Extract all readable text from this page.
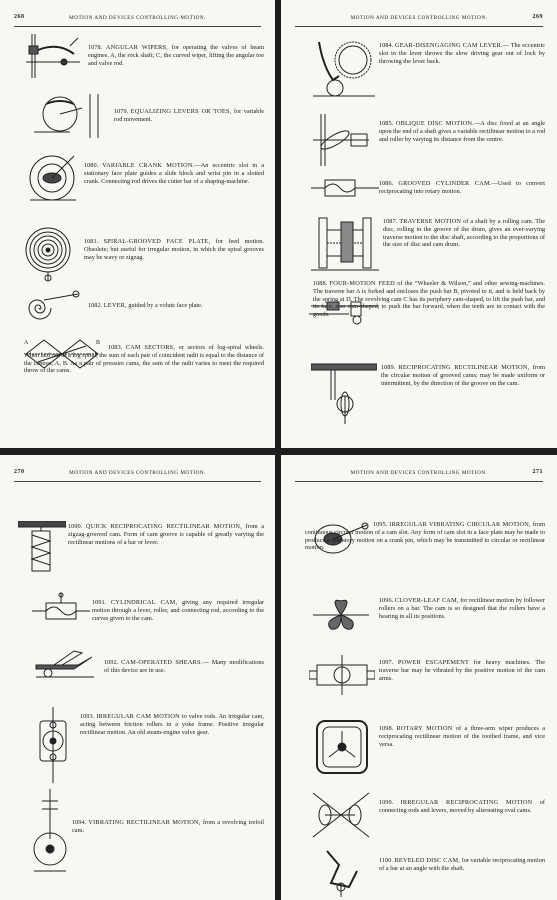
268	MOTION AND DEVICES CONTROLLING MOTION.
1078. ANGULAR WIPERS, for operating the valves of beam engines. A, the rock shaft; C, the curved wiper, lifting the angular toe and valve rod.
1079. EQUALIZING LEVERS OR TOES, for variable rod movement.
1080. VARIABLE CRANK MOTION.—An eccentric slot in a stationary face plate guides a slide block and wrist pin in a slotted crank. Connecting rod drives the cutter bar of a shaping-machine.
1081. SPIRAL-GROOVED FACE PLATE, for feed motion. Obsolete; but useful for irregular motion, in which the spiral grooves may be wavy or zigzag.
1082. LEVER, guided by a volute face plate.
A	B
1083. CAM SECTORS, or sectors of log-spiral wheels. When laid out as a log spiral, the sum of each pair of coincident radii is equal to the distance of the centres, A, B. As a pair of pressure cams, the sum of the radii varies to meet the required throw of the cams.
MOTION AND DEVICES CONTROLLING MOTION.	269
1084. GEAR-DISENGAGING CAM LEVER.— The eccentric slot in the lever throws the slow driving gear out of lock by throwing the lever back.
1085. OBLIQUE DISC MOTION.—A disc fixed at an angle upon the end of a shaft gives a variable rectilinear motion to a rod and roller by varying its distance from the centre.
1086. GROOVED CYLINDER CAM.—Used to convert reciprocating into rotary motion.
1087. TRAVERSE MOTION of a shaft by a rolling cam. The disc, rolling in the groove of the drum, gives an ever-varying traverse motion to the disc shaft, according to the proportions of the size of disc and cam drum.
1088. FOUR-MOTION FEED of the “Wheeler & Wilson,” and other sewing-machines. The traverse bar A is forked and encloses the push bar B, pivoted to it, and is held back by the spring at D. The revolving cam C has its periphery cam-shaped, to lift the push bar, and its face, also cam-shaped, to push the bar forward, when the teeth are in contact with the goods.
1089. RECIPROCATING RECTILINEAR MOTION, from the circular motion of grooved cams; may be made uniform or intermittent, by the direction of the groove on the cam.
270	MOTION AND DEVICES CONTROLLING MOTION.
1090. QUICK RECIPROCATING RECTILINEAR MOTION, from a zigzag-grooved cam. Form of cam groove is capable of greatly varying the rectilinear motions of a bar or lever.
1091. CYLINDRICAL CAM, giving any required irregular motion through a lever, roller, and connecting rod, according to the curves given to the cam.
1092. CAM-OPERATED SHEARS.— Many modifications of this device are in use.
1093. IRREGULAR CAM MOTION to valve rods. An irregular cam, acting between friction rollers in a yoke frame. Positive irregular rectilinear motion. An old steam-engine valve gear.
1094. VIBRATING RECTILINEAR MOTION, from a revolving trefoil cam.
MOTION AND DEVICES CONTROLLING MOTION.	271
1095. IRREGULAR VIBRATING CIRCULAR MOTION, from continuous circular motion of a cam slot. Any form of cam slot in a face plate may be made to produce a vibratory motion on a crank pin, which may be transmitted to circular or rectilinear motion.
1096. CLOVER-LEAF CAM, for rectilinear motion by follower rollers on a bar. The cam is so designed that the rollers have a bearing in all its positions.
1097. POWER ESCAPEMENT for heavy machines. The traverse bar may be vibrated by the positive motion of the cam arms.
1098. ROTARY MOTION of a three-arm wiper produces a reciprocating rectilinear motion of the toothed frame, and vice versa.
1099. IRREGULAR RECIPROCATING MOTION of connecting rods and levers, moved by alternating oval cams.
1100. BEVELED DISC CAM, for variable reciprocating motion of a bar at an angle with the shaft.
